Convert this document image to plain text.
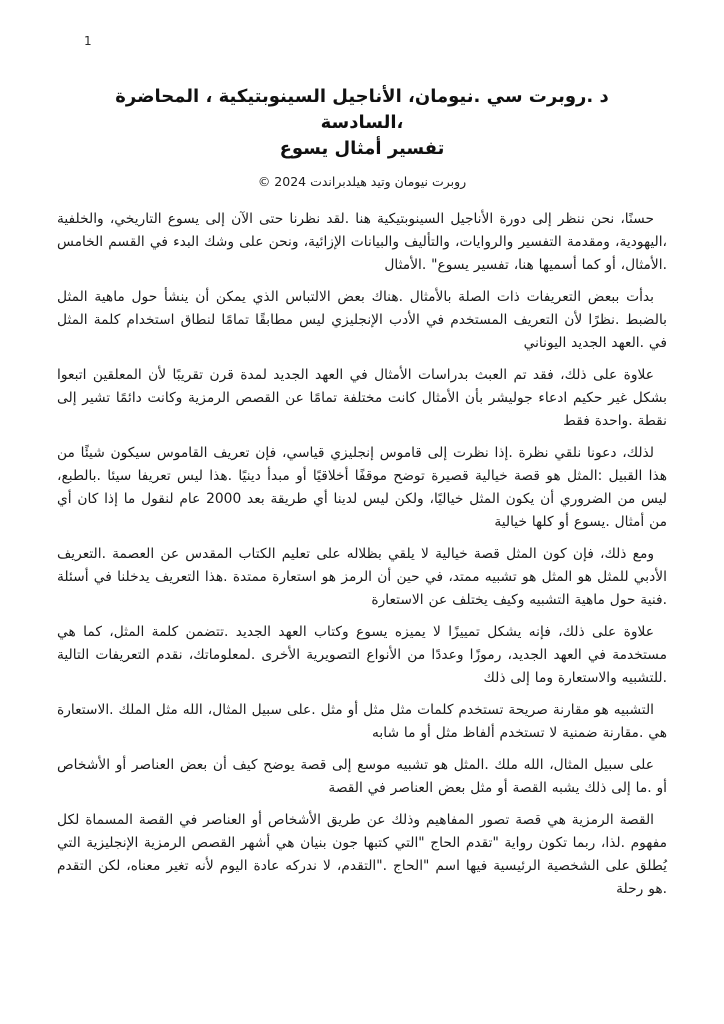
1
د .روبرت سي .نيومان، الأناجيل السينوبتيكية ، المحاضرة
،السادسة
تفسير أمثال يسوع
روبرت نيومان وتيد هيلدبراندت 2024 ©

حسنًا، نحن ننظر إلى دورة الأناجيل السينوبتيكية هنا .لقد نظرنا حتى الآن إلى يسوع التاريخي، والخلفية ،اليهودية، ومقدمة التفسير والروايات، والتأليف والبيانات الإزائية، ونحن على وشك البدء في القسم الخامس .الأمثال، أو كما أسميها هنا، تفسير يسوع" .الأمثال

بدأت ببعض التعريفات ذات الصلة بالأمثال .هناك بعض الالتباس الذي يمكن أن ينشأ حول ماهية المثل بالضبط .نظرًا لأن التعريف المستخدم في الأدب الإنجليزي ليس مطابقًا تمامًا لنطاق استخدام كلمة المثل في .العهد الجديد اليوناني

علاوة على ذلك، فقد تم العبث بدراسات الأمثال في العهد الجديد لمدة قرن تقريبًا لأن المعلقين اتبعوا بشكل غير حكيم ادعاء جوليشر بأن الأمثال كانت مختلفة تمامًا عن القصص الرمزية وكانت دائمًا تشير إلى نقطة .واحدة فقط

لذلك، دعونا نلقي نظرة .إذا نظرت إلى قاموس إنجليزي قياسي، فإن تعريف القاموس سيكون شيئًا من هذا القبيل :المثل هو قصة خيالية قصيرة توضح موقفًا أخلاقيًا أو مبدأ دينيًا .هذا ليس تعريفا سيئا .بالطبع، ليس من الضروري أن يكون المثل خياليًا، ولكن ليس لدينا أي طريقة بعد 2000 عام لنقول ما إذا كان أي من أمثال .يسوع أو كلها خيالية

ومع ذلك، فإن كون المثل قصة خيالية لا يلقي بظلاله على تعليم الكتاب المقدس عن العصمة .التعريف الأدبي للمثل هو المثل هو تشبيه ممتد، في حين أن الرمز هو استعارة ممتدة .هذا التعريف يدخلنا في أسئلة .فنية حول ماهية التشبيه وكيف يختلف عن الاستعارة

علاوة على ذلك، فإنه يشكل تمييزًا لا يميزه يسوع وكتاب العهد الجديد .تتضمن كلمة المثل، كما هي مستخدمة في العهد الجديد، رموزًا وعددًا من الأنواع التصويرية الأخرى .لمعلوماتك، نقدم التعريفات التالية .للتشبيه والاستعارة وما إلى ذلك

التشبيه هو مقارنة صريحة تستخدم كلمات مثل مثل أو مثل .على سبيل المثال، الله مثل الملك .الاستعارة هي .مقارنة ضمنية لا تستخدم ألفاظ مثل أو ما شابه

على سبيل المثال، الله ملك .المثل هو تشبيه موسع إلى قصة يوضح كيف أن بعض العناصر أو الأشخاص أو .ما إلى ذلك يشبه القصة أو مثل بعض العناصر في القصة

القصة الرمزية هي قصة تصور المفاهيم وذلك عن طريق الأشخاص أو العناصر في القصة المسماة لكل مفهوم .لذا، ربما تكون رواية "تقدم الحاج "التي كتبها جون بنيان هي أشهر القصص الرمزية الإنجليزية التي يُطلق على الشخصية الرئيسية فيها اسم "الحاج ."التقدم، لا ندركه عادة اليوم لأنه تغير معناه، لكن التقدم .هو رحلة
